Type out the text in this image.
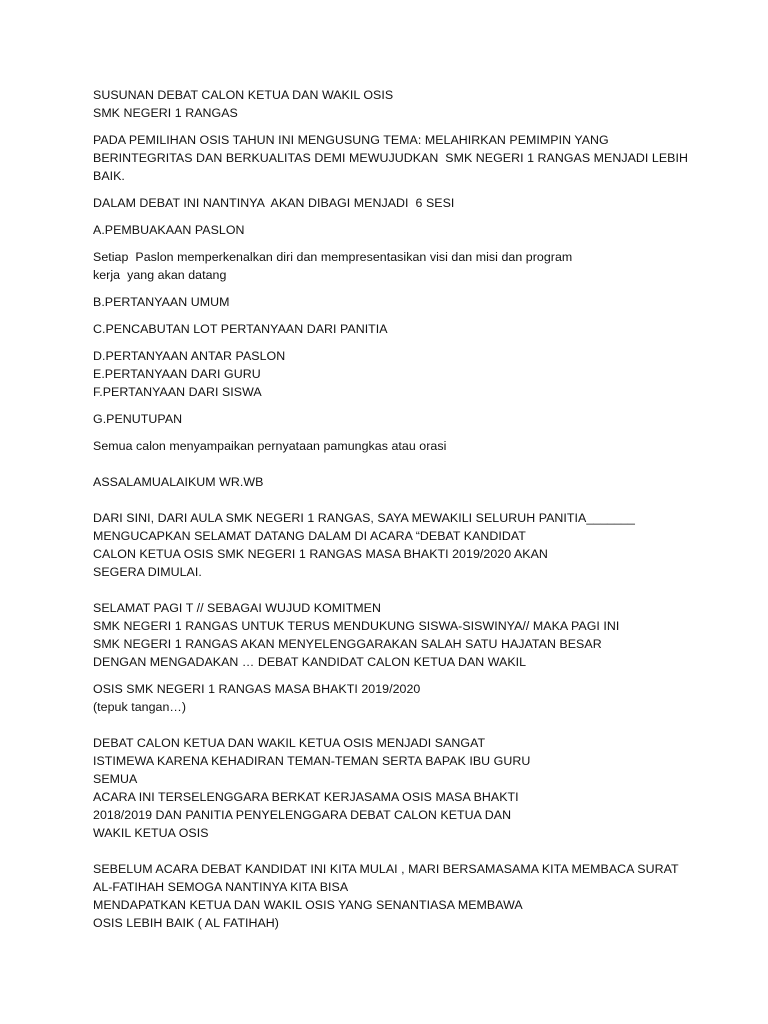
SUSUNAN DEBAT CALON KETUA DAN WAKIL OSIS
SMK NEGERI 1 RANGAS
PADA PEMILIHAN OSIS TAHUN INI MENGUSUNG TEMA: MELAHIRKAN PEMIMPIN YANG
BERINTEGRITAS DAN BERKUALITAS DEMI MEWUJUDKAN  SMK NEGERI 1 RANGAS MENJADI LEBIH
BAIK.
DALAM DEBAT INI NANTINYA  AKAN DIBAGI MENJADI  6 SESI
A.PEMBUAKAAN PASLON
Setiap  Paslon memperkenalkan diri dan mempresentasikan visi dan misi dan program
kerja  yang akan datang
B.PERTANYAAN UMUM
C.PENCABUTAN LOT PERTANYAAN DARI PANITIA
D.PERTANYAAN ANTAR PASLON
E.PERTANYAAN DARI GURU
F.PERTANYAAN DARI SISWA
G.PENUTUPAN
Semua calon menyampaikan pernyataan pamungkas atau orasi
ASSALAMUALAIKUM WR.WB
DARI SINI, DARI AULA SMK NEGERI 1 RANGAS, SAYA MEWAKILI SELURUH PANITIA_______
MENGUCAPKAN SELAMAT DATANG DALAM DI ACARA “DEBAT KANDIDAT
CALON KETUA OSIS SMK NEGERI 1 RANGAS MASA BHAKTI 2019/2020 AKAN
SEGERA DIMULAI.
SELAMAT PAGI T // SEBAGAI WUJUD KOMITMEN
SMK NEGERI 1 RANGAS UNTUK TERUS MENDUKUNG SISWA-SISWINYA// MAKA PAGI INI
SMK NEGERI 1 RANGAS AKAN MENYELENGGARAKAN SALAH SATU HAJATAN BESAR
DENGAN MENGADAKAN … DEBAT KANDIDAT CALON KETUA DAN WAKIL
OSIS SMK NEGERI 1 RANGAS MASA BHAKTI 2019/2020
(tepuk tangan…)
DEBAT CALON KETUA DAN WAKIL KETUA OSIS MENJADI SANGAT
ISTIMEWA KARENA KEHADIRAN TEMAN-TEMAN SERTA BAPAK IBU GURU
SEMUA
ACARA INI TERSELENGGARA BERKAT KERJASAMA OSIS MASA BHAKTI
2018/2019 DAN PANITIA PENYELENGGARA DEBAT CALON KETUA DAN
WAKIL KETUA OSIS
SEBELUM ACARA DEBAT KANDIDAT INI KITA MULAI , MARI BERSAMASAMA KITA MEMBACA SURAT
AL-FATIHAH SEMOGA NANTINYA KITA BISA
MENDAPATKAN KETUA DAN WAKIL OSIS YANG SENANTIASA MEMBAWA
OSIS LEBIH BAIK ( AL FATIHAH)
